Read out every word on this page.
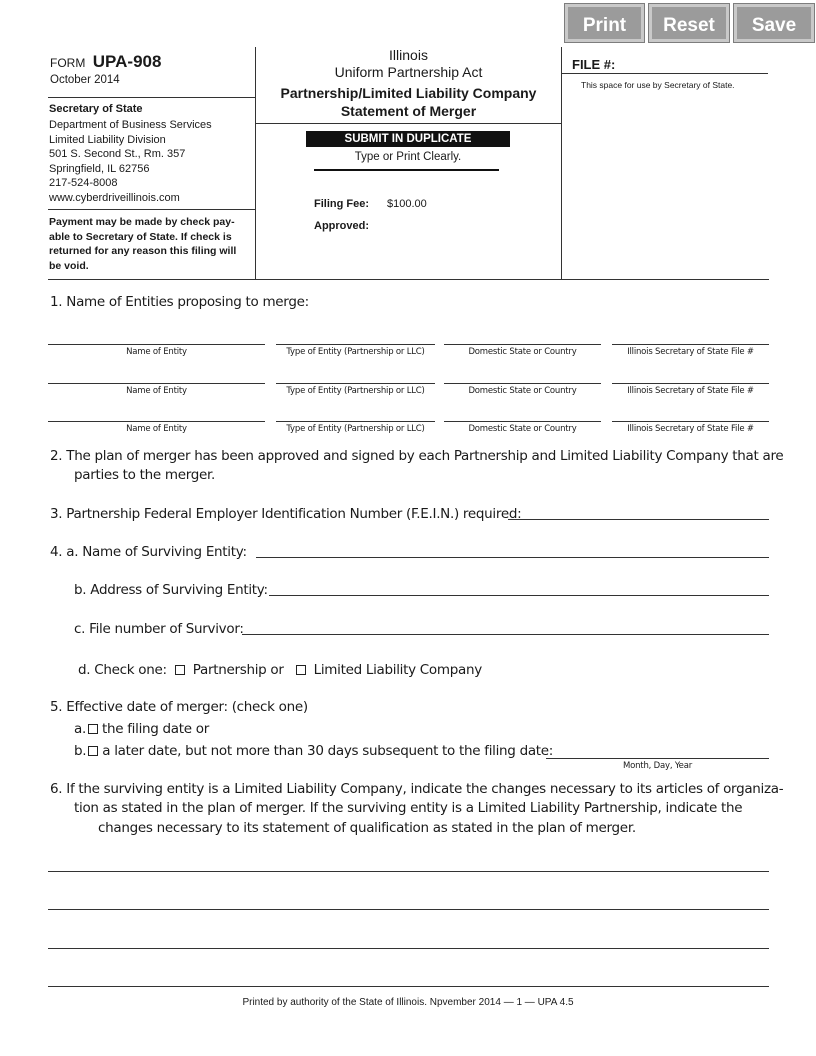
Print	Reset	Save
FORM UPA-908
October 2014
Secretary of State
Department of Business Services
Limited Liability Division
501 S. Second St., Rm. 357
Springfield, IL 62756
217-524-8008
www.cyberdriveillinois.com
Payment may be made by check pay-
able to Secretary of State. If check is
returned for any reason this filing will
be void.
Illinois
Uniform Partnership Act
Partnership/Limited Liability Company
Statement of Merger
SUBMIT IN DUPLICATE
Type or Print Clearly.
Filing Fee: $100.00
Approved:
FILE #:
This space for use by Secretary of State.
1. Name of Entities proposing to merge:
Name of Entity	Type of Entity (Partnership or LLC)	Domestic State or Country	Illinois Secretary of State File #
Name of Entity	Type of Entity (Partnership or LLC)	Domestic State or Country	Illinois Secretary of State File #
Name of Entity	Type of Entity (Partnership or LLC)	Domestic State or Country	Illinois Secretary of State File #
2. The plan of merger has been approved and signed by each Partnership and Limited Liability Company that are
parties to the merger.
3. Partnership Federal Employer Identification Number (F.E.I.N.) required:
4. a. Name of Surviving Entity:
b. Address of Surviving Entity:
c. File number of Survivor:
d. Check one: Partnership or Limited Liability Company
5. Effective date of merger: (check one)
a. the filing date or
b. a later date, but not more than 30 days subsequent to the filing date:
Month, Day, Year
6. If the surviving entity is a Limited Liability Company, indicate the changes necessary to its articles of organiza-
tion as stated in the plan of merger. If the surviving entity is a Limited Liability Partnership, indicate the
changes necessary to its statement of qualification as stated in the plan of merger.
Printed by authority of the State of Illinois. Npvember 2014 — 1 — UPA 4.5
